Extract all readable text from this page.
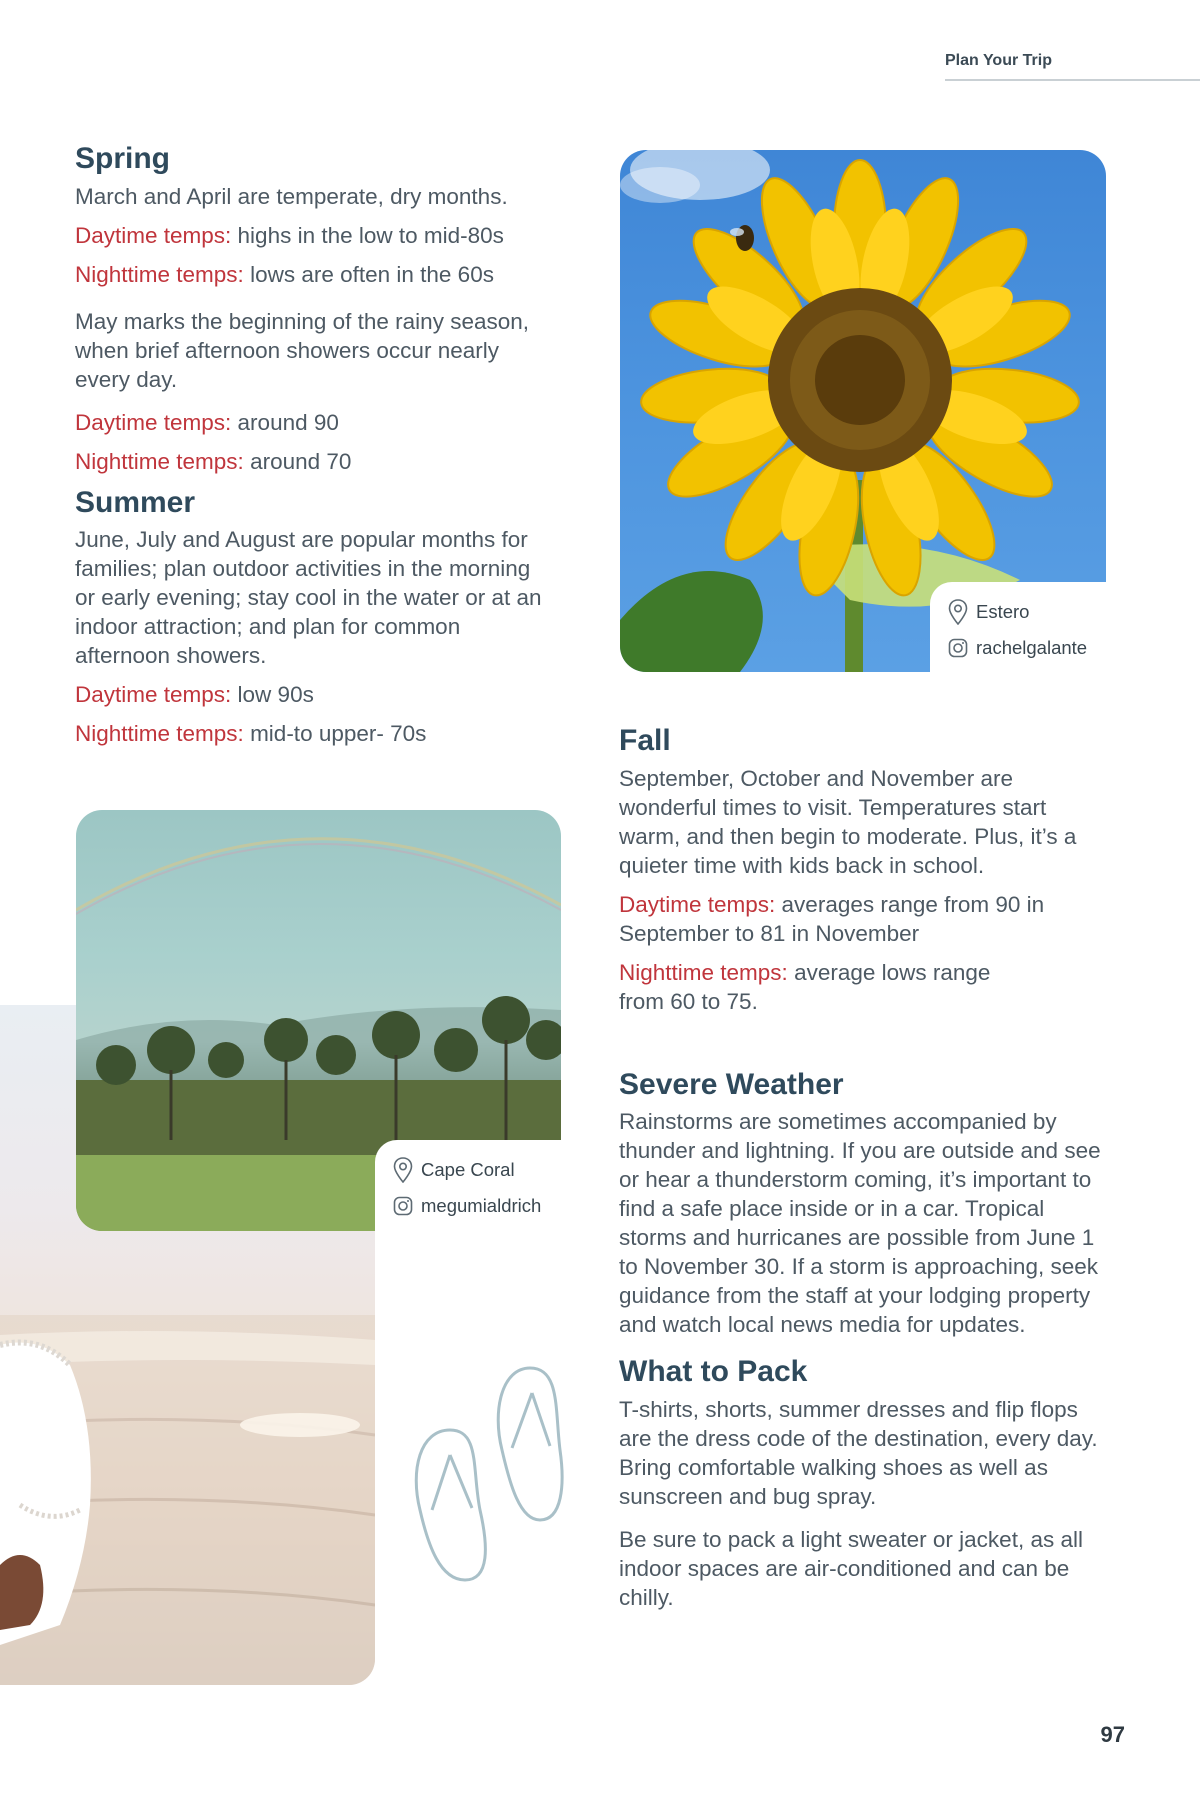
Plan Your Trip
Spring

March and April are temperate, dry months.

Daytime temps: highs in the low to mid-80s

Nighttime temps: lows are often in the 60s

May marks the beginning of the rainy season, when brief afternoon showers occur nearly every day.

Daytime temps: around 90

Nighttime temps: around 70

Summer

June, July and August are popular months for families; plan outdoor activities in the morning or early evening; stay cool in the water or at an indoor attraction; and plan for common afternoon showers.

Daytime temps: low 90s

Nighttime temps: mid-to upper- 70s

Estero
rachelgalante
Cape Coral
megumialdrich
Fall

September, October and November are wonderful times to visit. Temperatures start warm, and then begin to moderate. Plus, it’s a quieter time with kids back in school.

Daytime temps: averages range from 90 in September to 81 in November

Nighttime temps: average lows range from 60 to 75.

Severe Weather

Rainstorms are sometimes accompanied by thunder and lightning. If you are outside and see or hear a thunderstorm coming, it’s important to find a safe place inside or in a car. Tropical storms and hurricanes are possible from June 1 to November 30. If a storm is approaching, seek guidance from the staff at your lodging property and watch local news media for updates.

What to Pack

T-shirts, shorts, summer dresses and flip flops are the dress code of the destination, every day. Bring comfortable walking shoes as well as sunscreen and bug spray.

Be sure to pack a light sweater or jacket, as all indoor spaces are air-conditioned and can be chilly.

97
